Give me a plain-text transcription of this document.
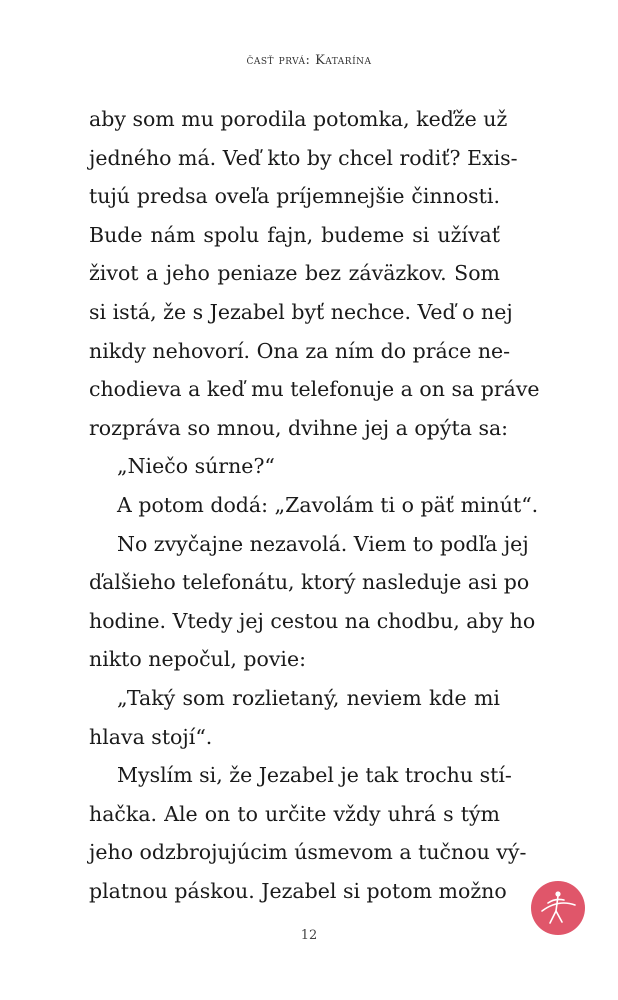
časť prvá: Katarína
aby som mu porodila potomka, keďže už
jedného má. Veď kto by chcel rodiť? Exis-
tujú predsa oveľa príjemnejšie činnosti.
Bude nám spolu fajn, budeme si užívať
život a jeho peniaze bez záväzkov. Som
si istá, že s Jezabel byť nechce. Veď o nej
nikdy nehovorí. Ona za ním do práce ne-
chodieva a keď mu telefonuje a on sa práve
rozpráva so mnou, dvihne jej a opýta sa:
„Niečo súrne?“
A potom dodá: „Zavolám ti o päť minút“.
No zvyčajne nezavolá. Viem to podľa jej
ďalšieho telefonátu, ktorý nasleduje asi po
hodine. Vtedy jej cestou na chodbu, aby ho
nikto nepočul, povie:
„Taký som rozlietaný, neviem kde mi
hlava stojí“.
Myslím si, že Jezabel je tak trochu stí-
hačka. Ale on to určite vždy uhrá s tým
jeho odzbrojujúcim úsmevom a tučnou vý-
platnou páskou. Jezabel si potom možno
12
